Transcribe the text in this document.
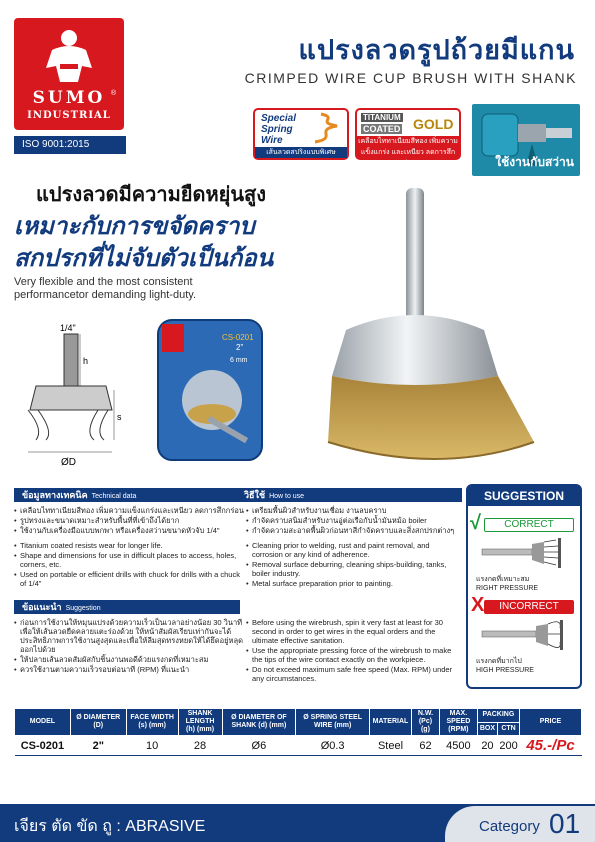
SUMO ®
INDUSTRIAL
ISO 9001:2015
แปรงลวดรูปถ้วยมีแกน
CRIMPED WIRE CUP BRUSH WITH SHANK
Special Spring Wire
เส้นลวดสปริงแบบพิเศษ
TITANIUM
COATED GOLD
เคลือบไททาเนียมสีทอง เพิ่มความแข็งแกร่ง และเหนียว ลดการสึกกร่อน	ใช้งานกับสว่าน
แปรงลวดมีความยืดหยุ่นสูง
เหมาะกับการขจัดคราบ
สกปรกที่ไม่จับตัวเป็นก้อน
Very flexible and the most consistent performancetor demanding light-duty.
1/4"
h
s
ØD
CS-0201
2"
6 mm
ข้อมูลทางเทคนิค Technical data
• เคลือบไททาเนียมสีทอง เพิ่มความแข็งแกร่งและเหนียว ลดการสึกกร่อน
• รูปทรงและขนาดเหมาะสำหรับพื้นที่ที่เข้าถึงได้ยาก
• ใช้งานกับเครื่องมือแบบพกพา หรือเครื่องสว่านขนาดหัวจับ 1/4"
• Titanium coated resists wear for longer life.
• Shape and dimensions for use in difficult places to access, holes, corners, etc.
• Used on portable or efficient drills with chuck for drills with a chuck of 1/4"
วิธีใช้ How to use
• เตรียมพื้นผิวสำหรับงานเชื่อม งานลบคราบ
• กำจัดคราบสนิมสำหรับงานอู่ต่อเรือกับน้ำมันหม้อ boiler
• กำจัดความสะอาดพื้นผิวก่อนทาสีกำจัดคราบและสิ่งสกปรกต่างๆ
• Cleaning prior to welding, rust and paint removal, and corrosion or any kind of adherence.
• Removal surface deburring, cleaning ships-building, tanks, boiler industry.
• Metal surface preparation prior to painting.
ข้อแนะนำ Suggestion
• ก่อนการใช้งานให้หมุนแปรงด้วยความเร็วเป็นเวลาอย่างน้อย 30 วินาทีเพื่อให้เส้นลวดยืดคลายแตะร่องด้วย ให้หน้าสัมผัสเรียบเท่ากันจะได้ประสิทธิภาพการใช้งานสูงสุดและเพื่อให้ลีมสุดทรงหยดให้ได้ยึดอยู่หลุดออกไปด้วย
• ให้ปลายเส้นลวดสัมผัสกับชิ้นงานพอดีด้วยแรงกดที่เหมาะสม
• ควรใช้งานตามความเร็วรอบต่อนาที (RPM) ที่แนะนำ
• Before using the wirebrush, spin it very fast at least for 30 second in order to get wires in the equal orders and the ultimate effective sanitation.
• Use the appropriate pressing force of the wirebrush to make the tips of the wire contact exactly on the workpiece.
• Do not exceed maximum safe free speed (Max. RPM) under any circumstances.
SUGGESTION
√	CORRECT
แรงกดที่เหมาะสม
RIGHT PRESSURE
X	INCORRECT
แรงกดที่มากไป
HIGH PRESSURE
MODEL	Ø DIAMETER (D)	FACE WIDTH (s) (mm)	SHANK LENGTH (h) (mm)	Ø DIAMETER OF SHANK (d) (mm)	Ø SPRING STEEL WIRE (mm)	MATERIAL	N.W. (Pc) (g)	MAX. SPEED (RPM)	PACKING		PRICE
									BOX	CTN	
CS-0201	2"	10	28	Ø6	Ø0.3	Steel	62	4500	20	200	45.-/Pc
เจียร ตัด ขัด ถู : ABRASIVE	Category 01
